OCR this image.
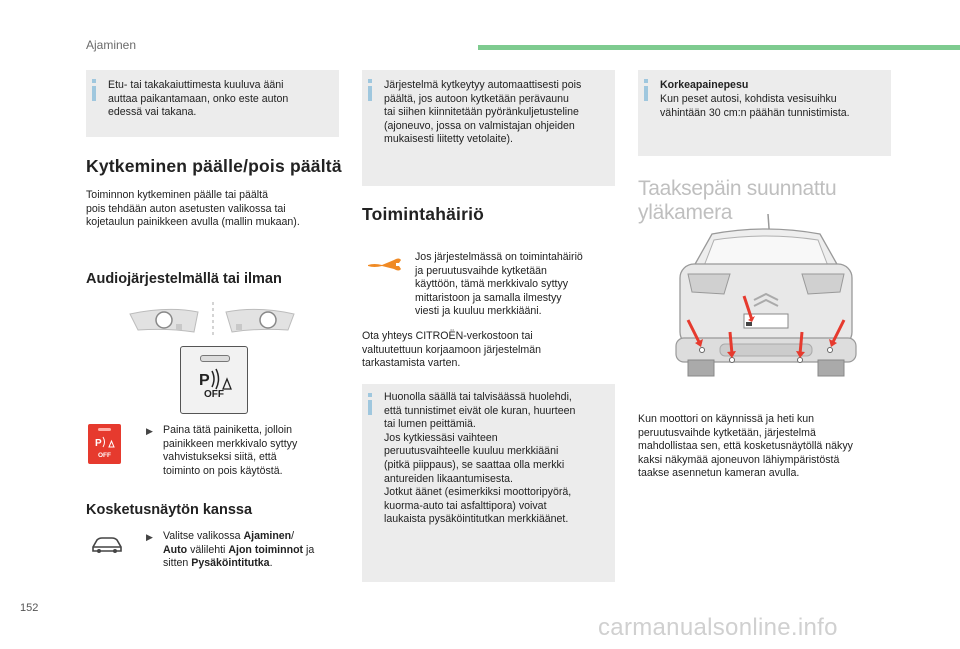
Ajaminen
Etu- tai takakaiuttimesta kuuluva ääni
auttaa paikantamaan, onko este auton
edessä vai takana.
Kytkeminen päälle/pois päältä
Toiminnon kytkeminen päälle tai päältä
pois tehdään auton asetusten valikossa tai
kojetaulun painikkeen avulla (mallin mukaan).
Audiojärjestelmällä tai ilman
P
OFF
P
OFF
▶ Paina tätä painiketta, jolloin
painikkeen merkkivalo syttyy
vahvistukseksi siitä, että
toiminto on pois käytöstä.
Kosketusnäytön kanssa
▶ Valitse valikossa Ajaminen/
Auto välilehti Ajon toiminnot ja
sitten Pysäköintitutka.
Järjestelmä kytkeytyy automaattisesti pois
päältä, jos autoon kytketään perävaunu
tai siihen kiinnitetään pyöränkuljetusteline
(ajoneuvo, jossa on valmistajan ohjeiden
mukaisesti liitetty vetolaite).
Toimintahäiriö
Jos järjestelmässä on toimintahäiriö
ja peruutusvaihde kytketään
käyttöön, tämä merkkivalo syttyy
mittaristoon ja samalla ilmestyy
viesti ja kuuluu merkkiääni.
Ota yhteys CITROËN-verkostoon tai
valtuutettuun korjaamoon järjestelmän
tarkastamista varten.
Huonolla säällä tai talvisäässä huolehdi,
että tunnistimet eivät ole kuran, huurteen
tai lumen peittämiä.
Jos kytkiessäsi vaihteen
peruutusvaihteelle kuuluu merkkiääni
(pitkä piippaus), se saattaa olla merkki
antureiden likaantumisesta.
Jotkut äänet (esimerkiksi moottoripyörä,
kuorma-auto tai asfalttipora) voivat
laukaista pysäköintitutkan merkkiäänet.
Korkeapainepesu
Kun peset autosi, kohdista vesisuihku
vähintään 30 cm:n päähän tunnistimista.
Taaksepäin suunnattu yläkamera
Kun moottori on käynnissä ja heti kun
peruutusvaihde kytketään, järjestelmä
mahdollistaa sen, että kosketusnäytöllä näkyy
kaksi näkymää ajoneuvon lähiympäristöstä
taakse asennetun kameran avulla.
152
carmanualsonline.info
